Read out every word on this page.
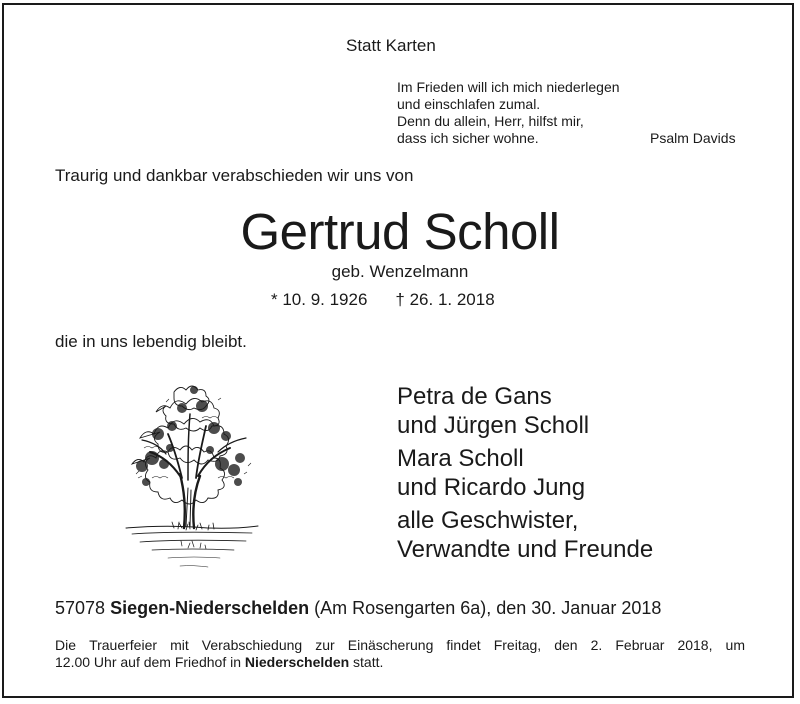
Statt Karten
Im Frieden will ich mich niederlegen
und einschlafen zumal.
Denn du allein, Herr, hilfst mir,
dass ich sicher wohne.	Psalm Davids
Traurig und dankbar verabschieden wir uns von
Gertrud Scholl
geb. Wenzelmann
* 10. 9. 1926 † 26. 1. 2018
die in uns lebendig bleibt.
Petra de Gans
und Jürgen Scholl
Mara Scholl
und Ricardo Jung
alle Geschwister,
Verwandte und Freunde
57078 Siegen-Niederschelden (Am Rosengarten 6a), den 30. Januar 2018
Die Trauerfeier mit Verabschiedung zur Einäscherung findet Freitag, den 2. Februar 2018, um
12.00 Uhr auf dem Friedhof in Niederschelden statt.
